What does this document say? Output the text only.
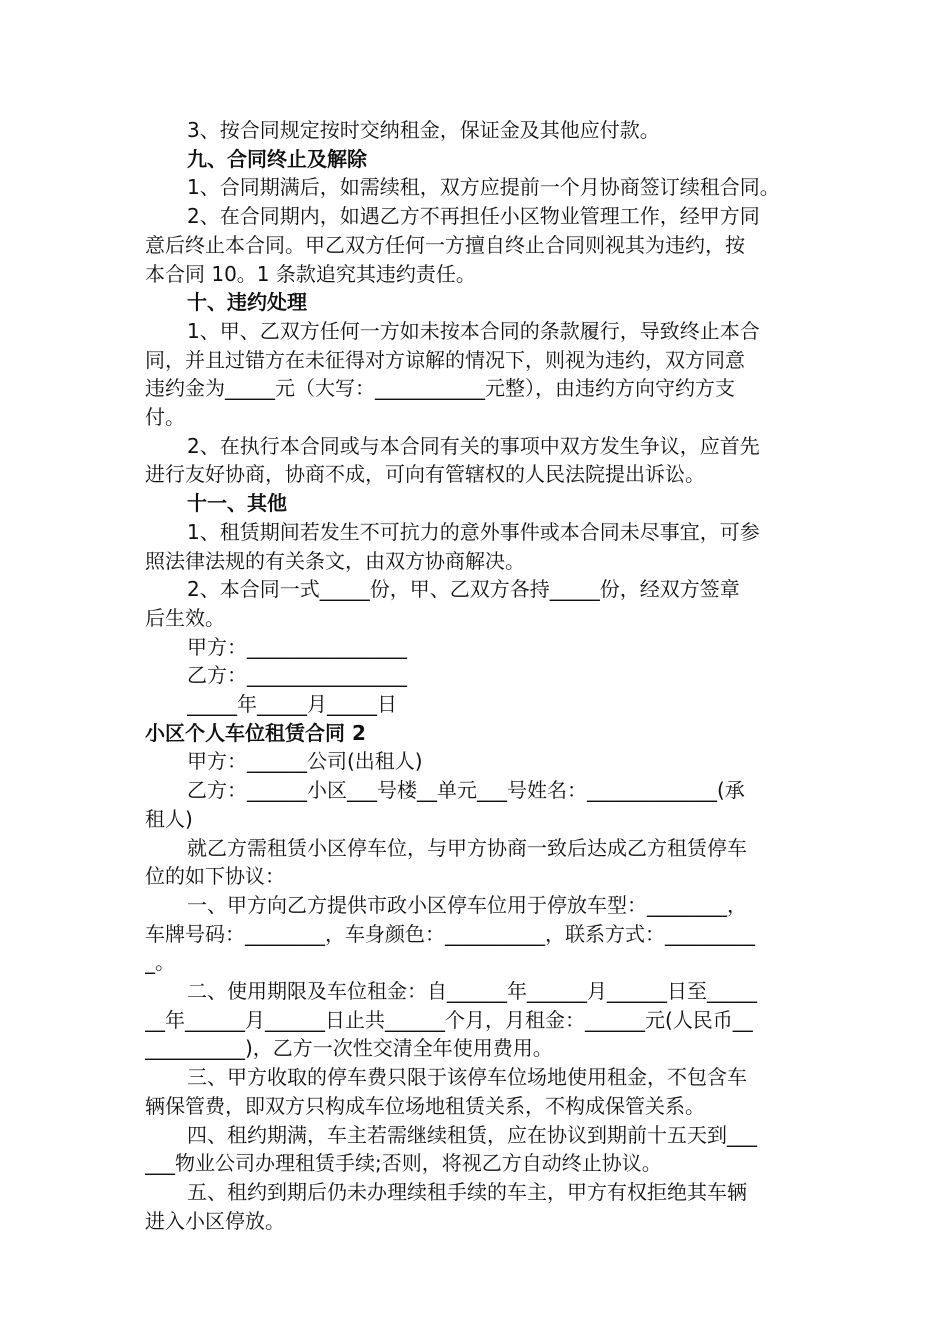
3、按合同规定按时交纳租金，保证金及其他应付款。
九、合同终止及解除
1、合同期满后，如需续租，双方应提前一个月协商签订续租合同。
2、在合同期内，如遇乙方不再担任小区物业管理工作，经甲方同
意后终止本合同。甲乙双方任何一方擅自终止合同则视其为违约，按
本合同 10。1 条款追究其违约责任。
十、违约处理
1、甲、乙双方任何一方如未按本合同的条款履行，导致终止本合
同，并且过错方在未征得对方谅解的情况下，则视为违约，双方同意
违约金为_____元（大写：___________元整），由违约方向守约方支
付。
2、在执行本合同或与本合同有关的事项中双方发生争议，应首先
进行友好协商，协商不成，可向有管辖权的人民法院提出诉讼。
十一、其他
1、租赁期间若发生不可抗力的意外事件或本合同未尽事宜，可参
照法律法规的有关条文，由双方协商解决。
2、本合同一式_____份，甲、乙双方各持_____份，经双方签章
后生效。
甲方：________________
乙方：________________
_____年_____月_____日
小区个人车位租赁合同 2
甲方：______公司(出租人)
乙方：______小区___号楼__单元___号姓名：_____________(承
租人)
就乙方需租赁小区停车位，与甲方协商一致后达成乙方租赁停车
位的如下协议：
一、甲方向乙方提供市政小区停车位用于停放车型：________，
车牌号码：________，车身颜色：__________，联系方式：_________
_。
二、使用期限及车位租金：自______年______月______日至_____
__年______月______日止共______个月，月租金：______元(人民币__
__________)，乙方一次性交清全年使用费用。
三、甲方收取的停车费只限于该停车位场地使用租金，不包含车
辆保管费，即双方只构成车位场地租赁关系，不构成保管关系。
四、租约期满，车主若需继续租赁，应在协议到期前十五天到___
___物业公司办理租赁手续;否则，将视乙方自动终止协议。
五、租约到期后仍未办理续租手续的车主，甲方有权拒绝其车辆
进入小区停放。
